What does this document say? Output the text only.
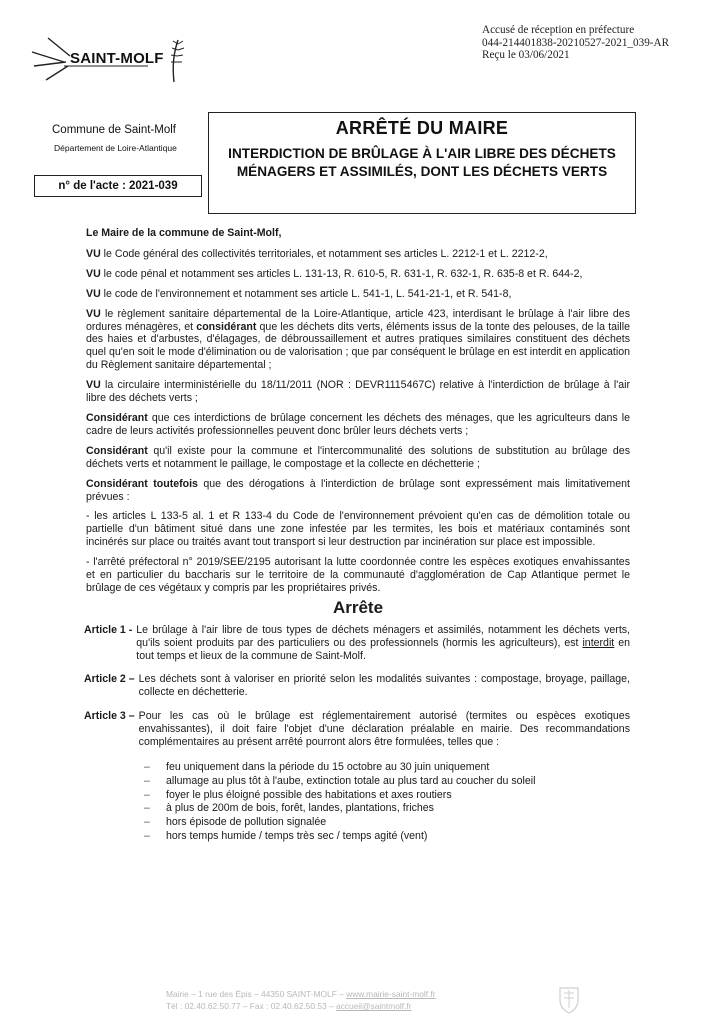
Accusé de réception en préfecture
044-214401838-20210527-2021_039-AR
Reçu le 03/06/2021
SAINT-MOLF
Commune de Saint-Molf
Département de Loire-Atlantique
n° de l'acte : 2021-039
ARRÊTÉ DU MAIRE
INTERDICTION DE BRÛLAGE À L'AIR LIBRE DES DÉCHETS MÉNAGERS ET ASSIMILÉS, DONT LES DÉCHETS VERTS

Le Maire de la commune de Saint-Molf,

VU le Code général des collectivités territoriales, et notamment ses articles L. 2212-1 et L. 2212-2,

VU le code pénal et notamment ses articles L. 131-13, R. 610-5, R. 631-1, R. 632-1, R. 635-8 et R. 644-2,

VU le code de l'environnement et notamment ses article L. 541-1, L. 541-21-1, et R. 541-8,

VU le règlement sanitaire départemental de la Loire-Atlantique, article 423, interdisant le brûlage à l'air libre des ordures ménagères, et considérant que les déchets dits verts, éléments issus de la tonte des pelouses, de la taille des haies et d'arbustes, d'élagages, de débroussaillement et autres pratiques similaires constituent des déchets quel qu'en soit le mode d'élimination ou de valorisation ; que par conséquent le brûlage en est interdit en application du Règlement sanitaire départemental ;

VU la circulaire interministérielle du 18/11/2011 (NOR : DEVR1115467C) relative à l'interdiction de brûlage à l'air libre des déchets verts ;

Considérant que ces interdictions de brûlage concernent les déchets des ménages, que les agriculteurs dans le cadre de leurs activités professionnelles peuvent donc brûler leurs déchets verts ;

Considérant qu'il existe pour la commune et l'intercommunalité des solutions de substitution au brûlage des déchets verts et notamment le paillage, le compostage et la collecte en déchetterie ;

Considérant toutefois que des dérogations à l'interdiction de brûlage sont expressément mais limitativement prévues :

- les articles L 133-5 al. 1 et R 133-4 du Code de l'environnement prévoient qu'en cas de démolition totale ou partielle d'un bâtiment situé dans une zone infestée par les termites, les bois et matériaux contaminés sont incinérés sur place ou traités avant tout transport si leur destruction par incinération sur place est impossible.

- l'arrêté préfectoral n° 2019/SEE/2195 autorisant la lutte coordonnée contre les espèces exotiques envahissantes et en particulier du baccharis sur le territoire de la communauté d'agglomération de Cap Atlantique permet le brûlage de ces végétaux y compris par les propriétaires privés.

Arrête
Article 1 - Le brûlage à l'air libre de tous types de déchets ménagers et assimilés, notamment les déchets verts, qu'ils soient produits par des particuliers ou des professionnels (hormis les agriculteurs), est interdit en tout temps et lieux de la commune de Saint-Molf.
Article 2 – Les déchets sont à valoriser en priorité selon les modalités suivantes : compostage, broyage, paillage, collecte en déchetterie.
Article 3 – Pour les cas où le brûlage est réglementairement autorisé (termites ou espèces exotiques envahissantes), il doit faire l'objet d'une déclaration préalable en mairie. Des recommandations complémentaires au présent arrêté pourront alors être formulées, telles que :
–	feu uniquement dans la période du 15 octobre au 30 juin uniquement
–	allumage au plus tôt à l'aube, extinction totale au plus tard au coucher du soleil
–	foyer le plus éloigné possible des habitations et axes routiers
–	à plus de 200m de bois, forêt, landes, plantations, friches
–	hors épisode de pollution signalée
–	hors temps humide / temps très sec / temps agité (vent)
Mairie – 1 rue des Épis – 44350 SAINT-MOLF – www.mairie-saint-molf.fr
Tél : 02.40.62.50.77 – Fax : 02.40.62.50.53 – accueil@saintmolf.fr
